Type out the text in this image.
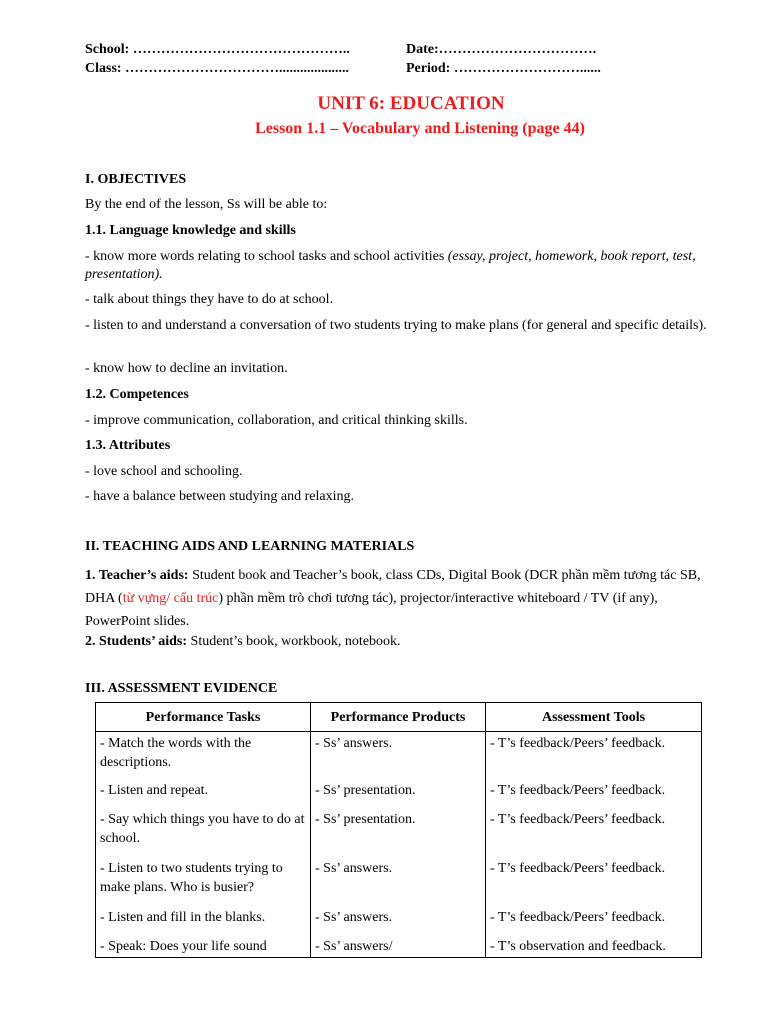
School: ………………………………………..
Class: ……………………………....................
Date:…………………………….
Period: ………………………......
UNIT 6: EDUCATION
Lesson 1.1 – Vocabulary and Listening (page 44)
I. OBJECTIVES
By the end of the lesson, Ss will be able to:
1.1. Language knowledge and skills
- know more words relating to school tasks and school activities (essay, project, homework, book report, test, presentation).
- talk about things they have to do at school.
- listen to and understand a conversation of two students trying to make plans (for general and specific details).
- know how to decline an invitation.
1.2. Competences
- improve communication, collaboration, and critical thinking skills.
1.3. Attributes
- love school and schooling.
- have a balance between studying and relaxing.
II. TEACHING AIDS AND LEARNING MATERIALS
1. Teacher’s aids: Student book and Teacher’s book, class CDs, Digital Book (DCR phần mềm tương tác SB, DHA (từ vựng/ cấu trúc) phần mềm trò chơi tương tác), projector/interactive whiteboard / TV (if any), PowerPoint slides.
2. Students’ aids: Student’s book, workbook, notebook.
III. ASSESSMENT EVIDENCE
Performance Tasks	Performance Products	Assessment Tools

- Match the words with the descriptions.	- Ss’ answers.	- T’s feedback/Peers’ feedback.

- Listen and repeat.	- Ss’ presentation.	- T’s feedback/Peers’ feedback.

- Say which things you have to do at school.	- Ss’ presentation.	- T’s feedback/Peers’ feedback.

- Listen to two students trying to make plans. Who is busier?	- Ss’ answers.	- T’s feedback/Peers’ feedback.

- Listen and fill in the blanks.	- Ss’ answers.	- T’s feedback/Peers’ feedback.

- Speak: Does your life sound	- Ss’ answers/	- T’s observation and feedback.
